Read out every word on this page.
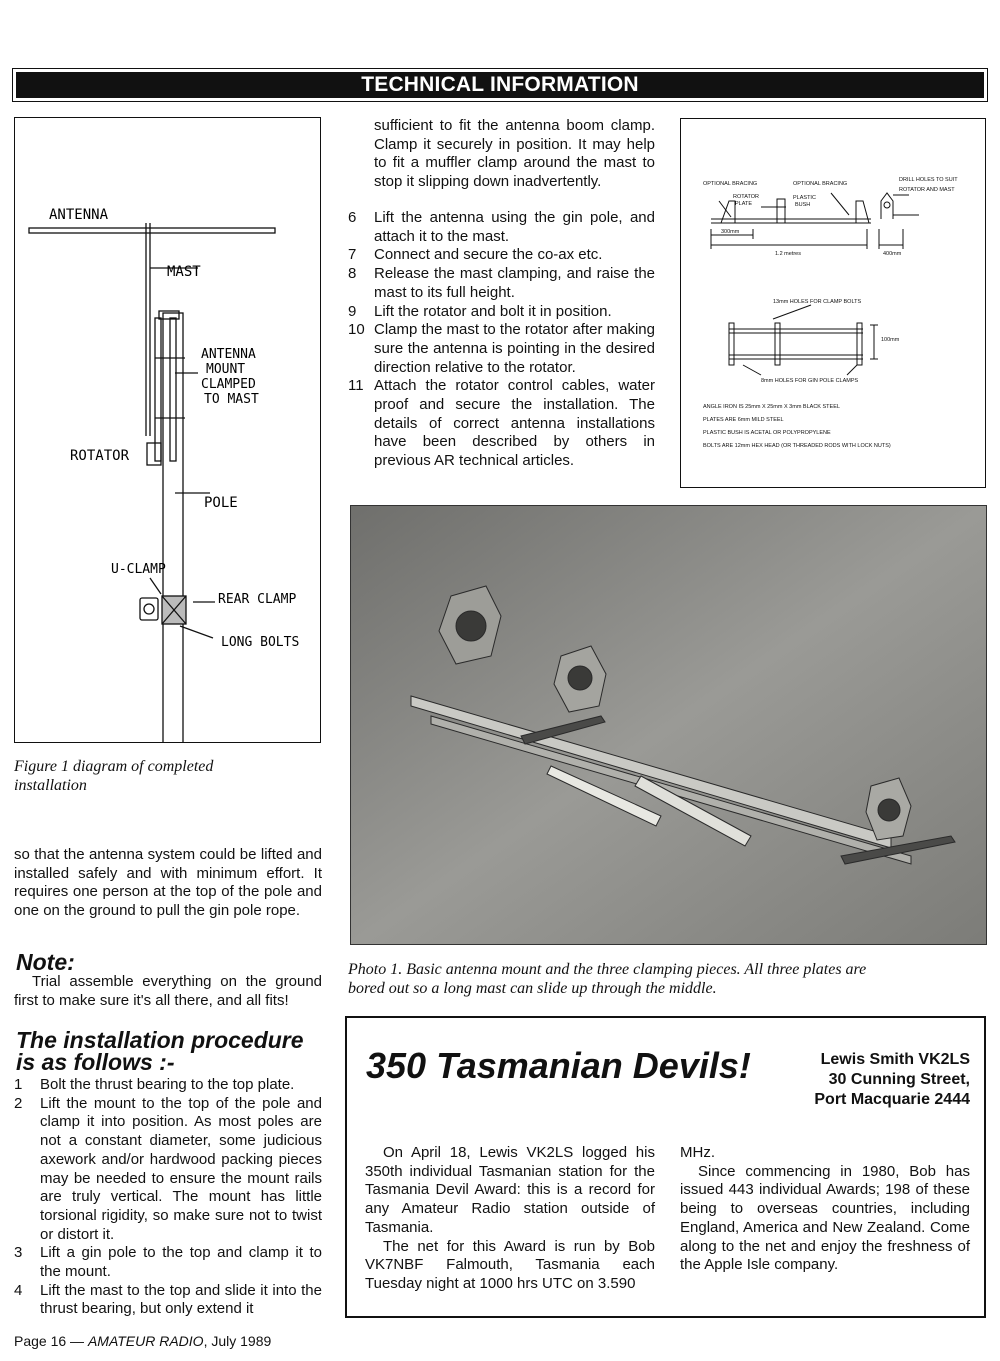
TECHNICAL INFORMATION
ANTENNA
MAST
ANTENNA
MOUNT
CLAMPED
TO MAST
ROTATOR
POLE
U-CLAMP
REAR CLAMP
LONG BOLTS
Figure 1 diagram of completed
installation
so that the antenna system could be lifted and installed safely and with minimum effort. It requires one person at the top of the pole and one on the ground to pull the gin pole rope.
Note:
Trial assemble everything on the ground first to make sure it's all there, and all fits!
The installation procedure
is as follows :-
1 Bolt the thrust bearing to the top plate.
2 Lift the mount to the top of the pole and clamp it into position. As most poles are not a constant diameter, some judicious axework and/or hardwood packing pieces may be needed to ensure the mount rails are truly vertical. The mount has little torsional rigidity, so make sure not to twist or distort it.
3 Lift a gin pole to the top and clamp it to the mount.
4 Lift the mast to the top and slide it into the thrust bearing, but only extend it
sufficient to fit the antenna boom clamp. Clamp it securely in position. It may help to fit a muffler clamp around the mast to stop it slipping down inadvertently.
6 Lift the antenna using the gin pole, and attach it to the mast.
7 Connect and secure the co-ax etc.
8 Release the mast clamping, and raise the mast to its full height.
9 Lift the rotator and bolt it in position.
10 Clamp the mast to the rotator after making sure the antenna is pointing in the desired direction relative to the rotator.
11 Attach the rotator control cables, water proof and secure the installation. The details of correct antenna installations have been described by others in previous AR technical articles.
OPTIONAL BRACING	OPTIONAL BRACING
DRILL HOLES TO SUIT
ROTATOR AND MAST
ROTATOR
PLATE
PLASTIC
BUSH
300mm
1.2 metres	400mm
13mm HOLES FOR CLAMP BOLTS
100mm
8mm HOLES FOR GIN POLE CLAMPS
ANGLE IRON IS 25mm X 25mm X 3mm BLACK STEEL
PLATES ARE 6mm MILD STEEL
PLASTIC BUSH IS ACETAL OR POLYPROPYLENE
BOLTS ARE 12mm HEX HEAD (OR THREADED RODS WITH LOCK NUTS)
Photo 1. Basic antenna mount and the three clamping pieces. All three plates are
bored out so a long mast can slide up through the middle.
350 Tasmanian Devils!	Lewis Smith VK2LS
30 Cunning Street,
Port Macquarie 2444
On April 18, Lewis VK2LS logged his 350th individual Tasmanian station for the Tasmania Devil Award: this is a record for any Amateur Radio station outside of Tasmania.
The net for this Award is run by Bob VK7NBF Falmouth, Tasmania each Tuesday night at 1000 hrs UTC on 3.590
MHz.
Since commencing in 1980, Bob has issued 443 individual Awards; 198 of these being to overseas countries, including England, America and New Zealand. Come along to the net and enjoy the freshness of the Apple Isle company.
Page 16 — AMATEUR RADIO, July 1989
